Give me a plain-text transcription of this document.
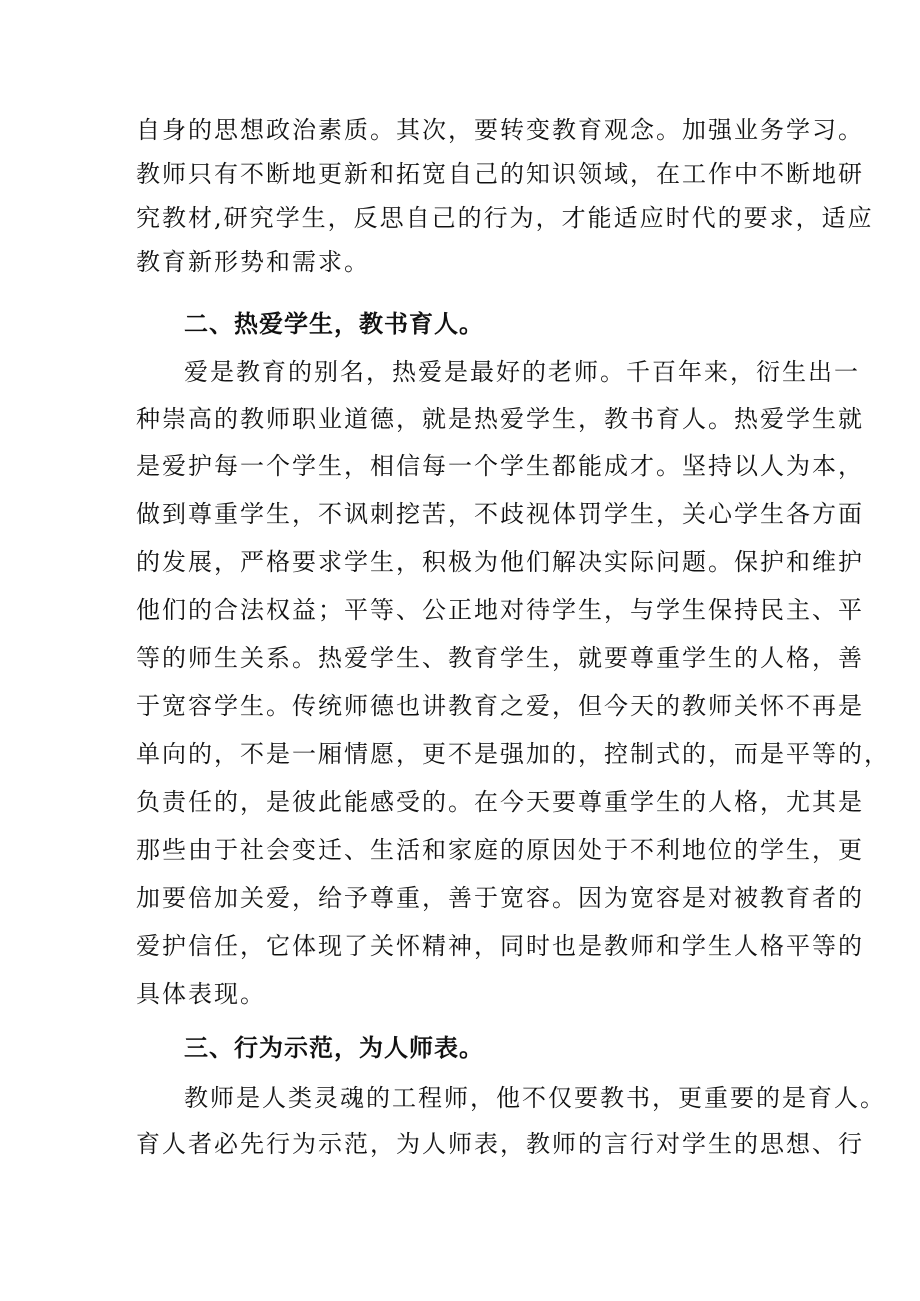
自身的思想政治素质。其次，要转变教育观念。加强业务学习。
教师只有不断地更新和拓宽自己的知识领域，在工作中不断地研
究教材,研究学生，反思自己的行为，才能适应时代的要求，适应
教育新形势和需求。
二、热爱学生，教书育人。
爱是教育的别名，热爱是最好的老师。千百年来，衍生出一
种崇高的教师职业道德，就是热爱学生，教书育人。热爱学生就
是爱护每一个学生，相信每一个学生都能成才。坚持以人为本，
做到尊重学生，不讽刺挖苦，不歧视体罚学生，关心学生各方面
的发展，严格要求学生，积极为他们解决实际问题。保护和维护
他们的合法权益；平等、公正地对待学生，与学生保持民主、平
等的师生关系。热爱学生、教育学生，就要尊重学生的人格，善
于宽容学生。传统师德也讲教育之爱，但今天的教师关怀不再是
单向的，不是一厢情愿，更不是强加的，控制式的，而是平等的，
负责任的，是彼此能感受的。在今天要尊重学生的人格，尤其是
那些由于社会变迁、生活和家庭的原因处于不利地位的学生，更
加要倍加关爱，给予尊重，善于宽容。因为宽容是对被教育者的
爱护信任，它体现了关怀精神，同时也是教师和学生人格平等的
具体表现。
三、行为示范，为人师表。
教师是人类灵魂的工程师，他不仅要教书，更重要的是育人。
育人者必先行为示范，为人师表，教师的言行对学生的思想、行
